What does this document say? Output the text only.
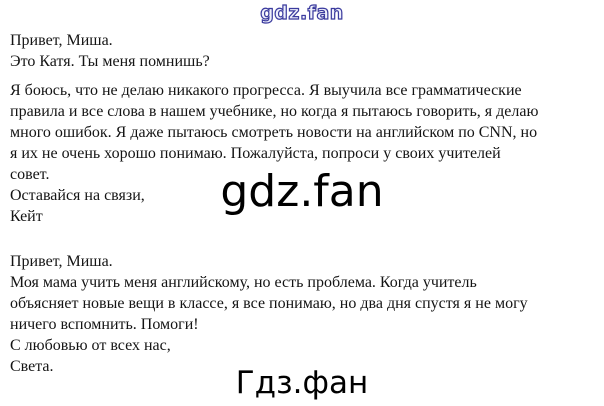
gdz.fan
Привет, Миша.
Это Катя. Ты меня помнишь?
Я боюсь, что не делаю никакого прогресса. Я выучила все грамматические
правила и все слова в нашем учебнике, но когда я пытаюсь говорить, я делаю
много ошибок. Я даже пытаюсь смотреть новости на английском по CNN, но
я их не очень хорошо понимаю. Пожалуйста, попроси у своих учителей
совет.
Оставайся на связи,
Кейт
Привет, Миша.
Моя мама учить меня английскому, но есть проблема. Когда учитель
объясняет новые вещи в классе, я все понимаю, но два дня спустя я не могу
ничего вспомнить. Помоги!
С любовью от всех нас,
Света.
gdz.fan
Гдз.фан
